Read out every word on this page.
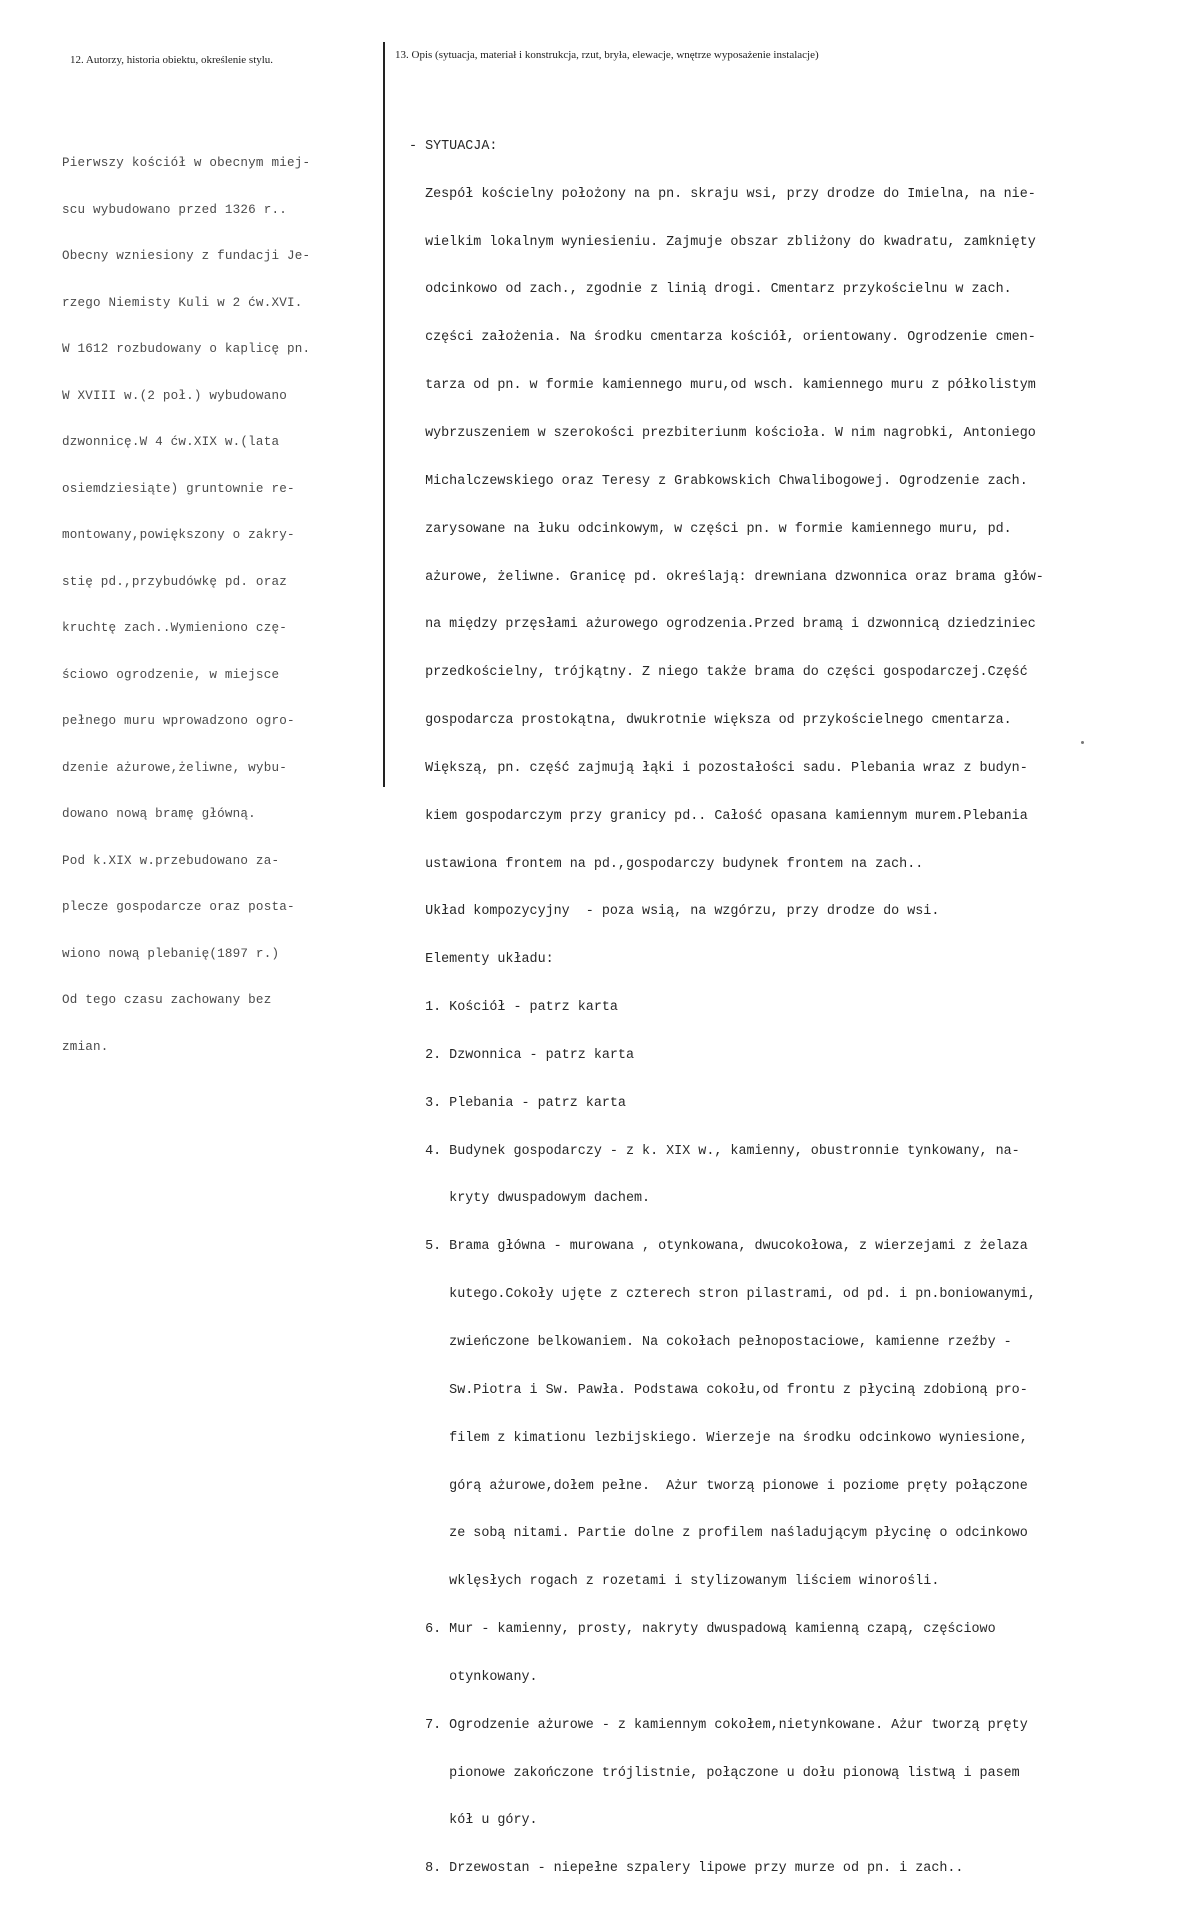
12. Autorzy, historia obiektu, określenie stylu.	13. Opis (sytuacja, materiał i konstrukcja, rzut, bryła, elewacje, wnętrze wyposażenie instalacje)

Pierwszy kościół w obecnym miej-

scu wybudowano przed 1326 r..

Obecny wzniesiony z fundacji Je-

rzego Niemisty Kuli w 2 ćw.XVI.

W 1612 rozbudowany o kaplicę pn.

W XVIII w.(2 poł.) wybudowano

dzwonnicę.W 4 ćw.XIX w.(lata

osiemdziesiąte) gruntownie re-

montowany,powiększony o zakry-

stię pd.,przybudówkę pd. oraz

kruchtę zach..Wymieniono czę-

ściowo ogrodzenie, w miejsce

pełnego muru wprowadzono ogro-

dzenie ażurowe,żeliwne, wybu-

dowano nową bramę główną.

Pod k.XIX w.przebudowano za-

plecze gospodarcze oraz posta-

wiono nową plebanię(1897 r.)

Od tego czasu zachowany bez

zmian.

- SYTUACJA:

Zespół kościelny położony na pn. skraju wsi, przy drodze do Imielna, na nie-

wielkim lokalnym wyniesieniu. Zajmuje obszar zbliżony do kwadratu, zamknięty

odcinkowo od zach., zgodnie z linią drogi. Cmentarz przykościelnu w zach.

części założenia. Na środku cmentarza kościół, orientowany. Ogrodzenie cmen-

tarza od pn. w formie kamiennego muru,od wsch. kamiennego muru z półkolistym

wybrzuszeniem w szerokości prezbiteriunm kościoła. W nim nagrobki, Antoniego

Michalczewskiego oraz Teresy z Grabkowskich Chwalibogowej. Ogrodzenie zach.

zarysowane na łuku odcinkowym, w części pn. w formie kamiennego muru, pd.

ażurowe, żeliwne. Granicę pd. określają: drewniana dzwonnica oraz brama głów-

na między przęsłami ażurowego ogrodzenia.Przed bramą i dzwonnicą dziedziniec

przedkościelny, trójkątny. Z niego także brama do części gospodarczej.Część

gospodarcza prostokątna, dwukrotnie większa od przykościelnego cmentarza.

Większą, pn. część zajmują łąki i pozostałości sadu. Plebania wraz z budyn-

kiem gospodarczym przy granicy pd.. Całość opasana kamiennym murem.Plebania

ustawiona frontem na pd.,gospodarczy budynek frontem na zach..

Układ kompozycyjny  - poza wsią, na wzgórzu, przy drodze do wsi.

Elementy układu:

1. Kościół - patrz karta

2. Dzwonnica - patrz karta

3. Plebania - patrz karta

4. Budynek gospodarczy - z k. XIX w., kamienny, obustronnie tynkowany, na-

kryty dwuspadowym dachem.

5. Brama główna - murowana , otynkowana, dwucokołowa, z wierzejami z żelaza

kutego.Cokoły ujęte z czterech stron pilastrami, od pd. i pn.boniowanymi,

zwieńczone belkowaniem. Na cokołach pełnopostaciowe, kamienne rzeźby -

Sw.Piotra i Sw. Pawła. Podstawa cokołu,od frontu z płyciną zdobioną pro-

filem z kimationu lezbijskiego. Wierzeje na środku odcinkowo wyniesione,

górą ażurowe,dołem pełne.  Ażur tworzą pionowe i poziome pręty połączone

ze sobą nitami. Partie dolne z profilem naśladującym płycinę o odcinkowo

wklęsłych rogach z rozetami i stylizowanym liściem winorośli.

6. Mur - kamienny, prosty, nakryty dwuspadową kamienną czapą, częściowo

otynkowany.

7. Ogrodzenie ażurowe - z kamiennym cokołem,nietynkowane. Ażur tworzą pręty

pionowe zakończone trójlistnie, połączone u dołu pionową listwą i pasem

kół u góry.

8. Drzewostan - niepełne szpalery lipowe przy murze od pn. i zach..
